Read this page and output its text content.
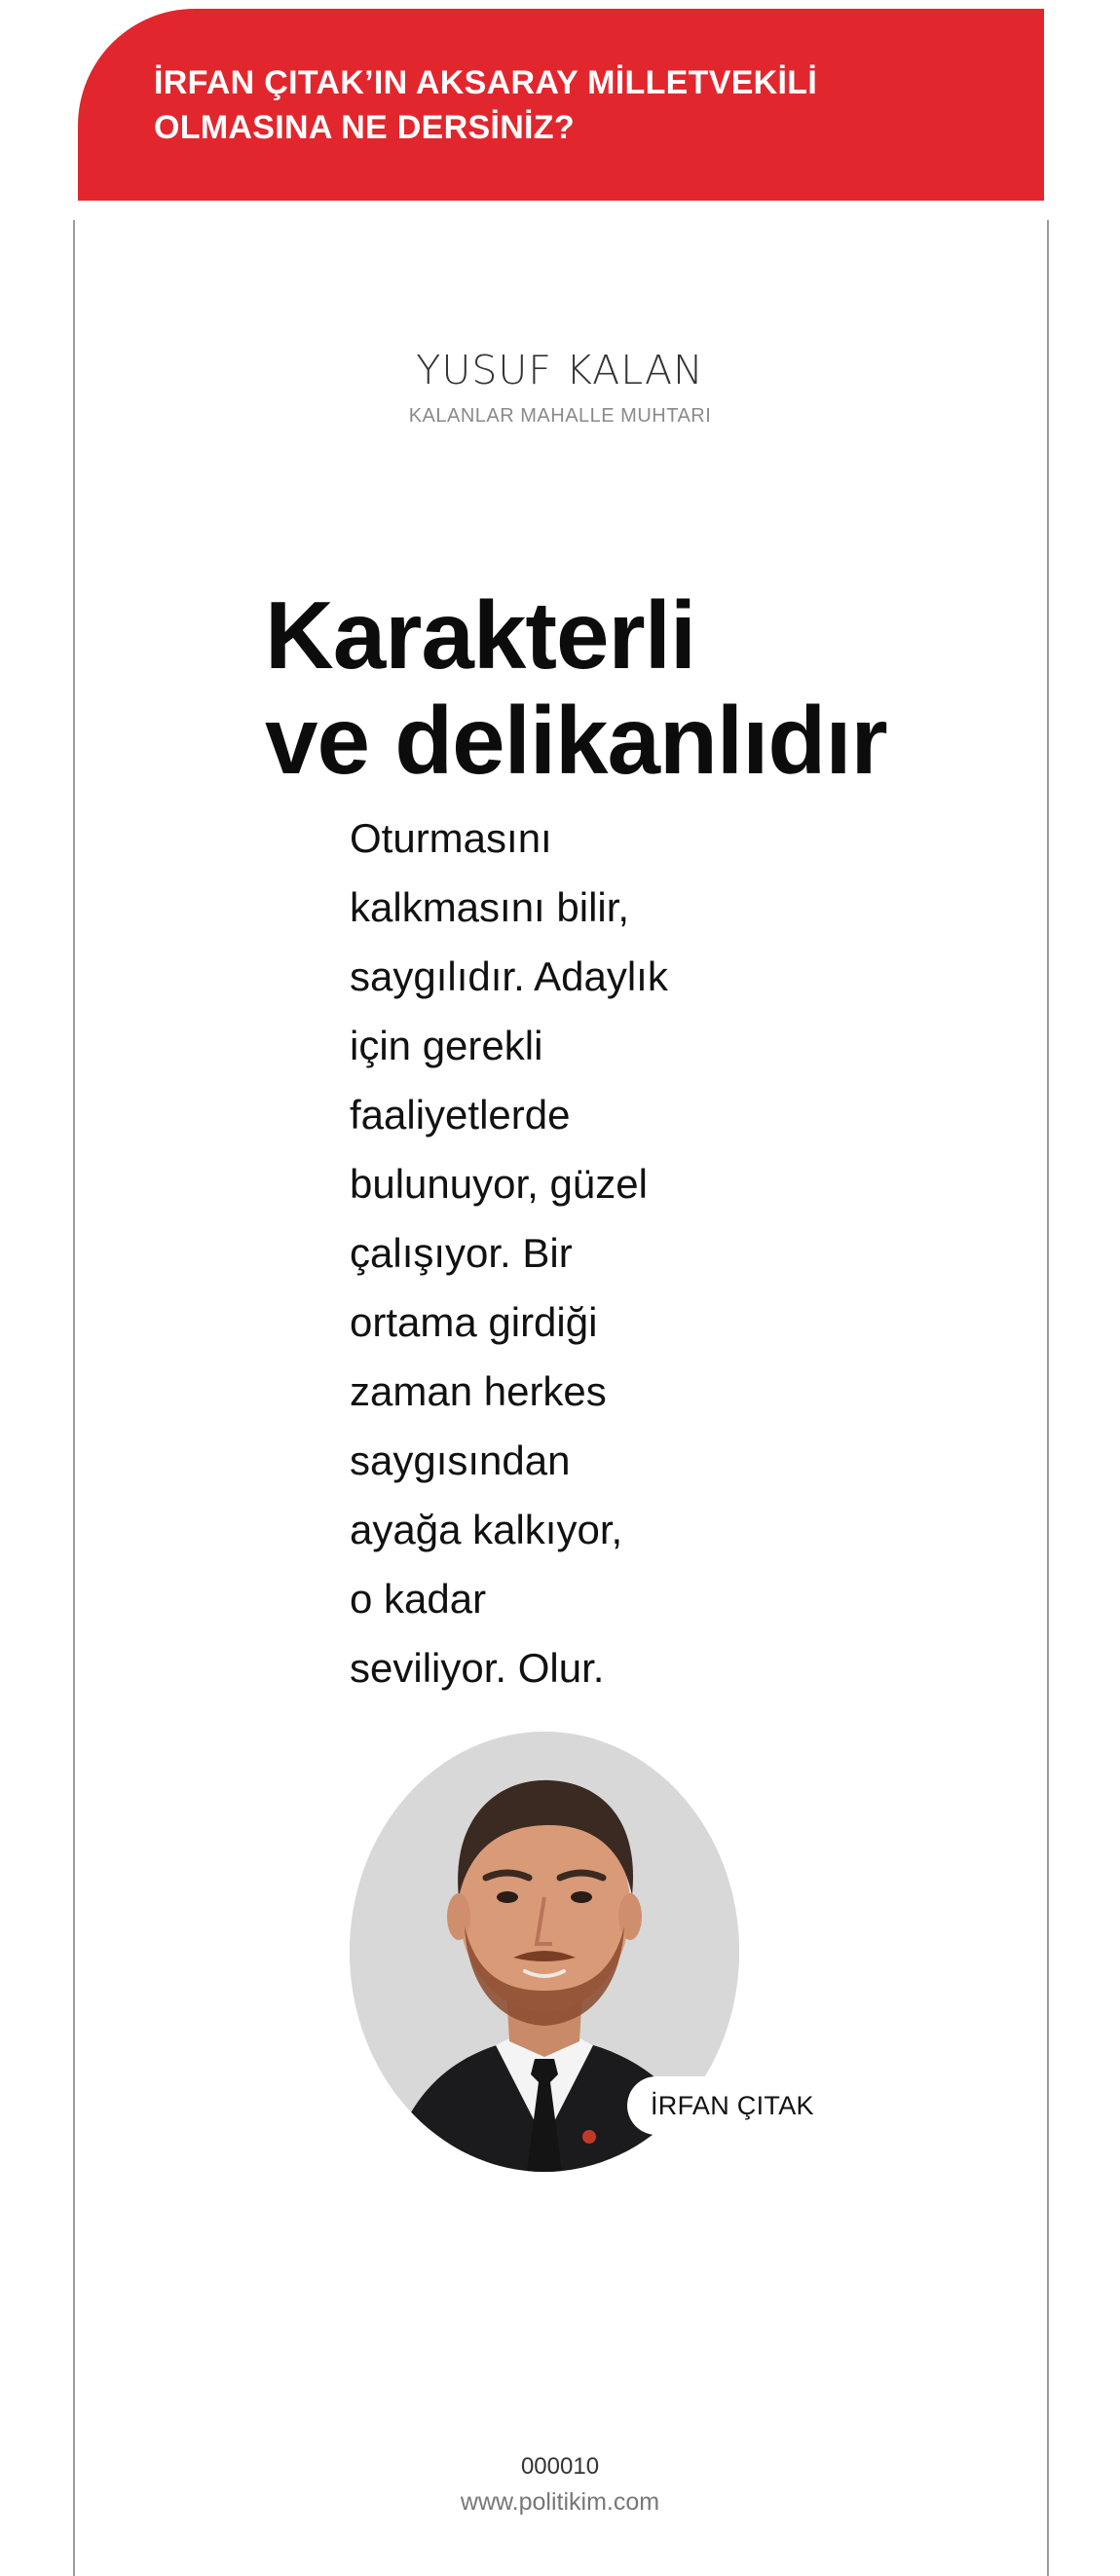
İRFAN ÇITAK’IN AKSARAY MİLLETVEKİLİ
OLMASINA NE DERSİNİZ?

YUSUF KALAN

KALANLAR MAHALLE MUHTARI

Karakterli
ve delikanlıdır

Oturmasını
kalkmasını bilir,
saygılıdır. Adaylık
için gerekli
faaliyetlerde
bulunuyor, güzel
çalışıyor. Bir
ortama girdiği
zaman herkes
saygısından
ayağa kalkıyor,
o kadar
seviliyor. Olur.

İRFAN ÇITAK

000010

www.politikim.com
